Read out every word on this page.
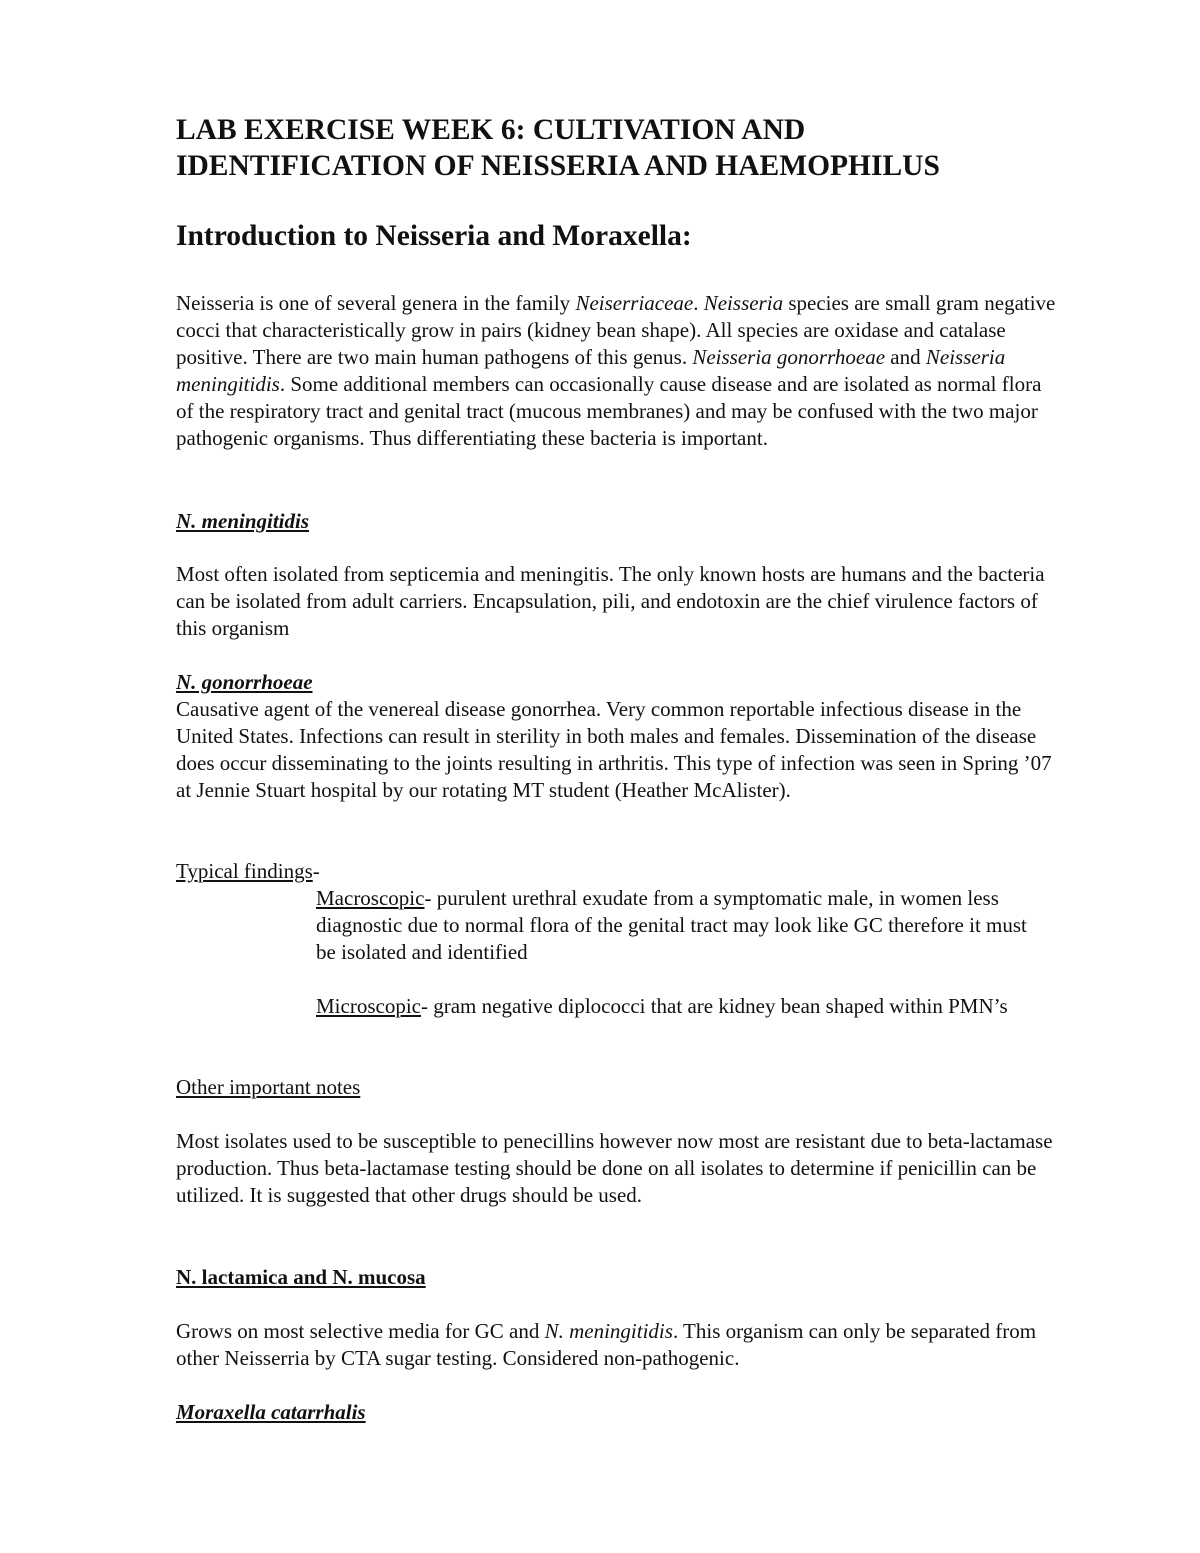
LAB EXERCISE WEEK 6: CULTIVATION AND
IDENTIFICATION OF NEISSERIA AND HAEMOPHILUS
Introduction to Neisseria and Moraxella:

Neisseria is one of several genera in the family Neiserriaceae. Neisseria species are small gram negative cocci that characteristically grow in pairs (kidney bean shape). All species are oxidase and catalase positive. There are two main human pathogens of this genus. Neisseria gonorrhoeae and Neisseria meningitidis. Some additional members can occasionally cause disease and are isolated as normal flora of the respiratory tract and genital tract (mucous membranes) and may be confused with the two major pathogenic organisms. Thus differentiating these bacteria is important.

N. meningitidis

Most often isolated from septicemia and meningitis. The only known hosts are humans and the bacteria can be isolated from adult carriers. Encapsulation, pili, and endotoxin are the chief virulence factors of this organism

N. gonorrhoeae

Causative agent of the venereal disease gonorrhea. Very common reportable infectious disease in the United States. Infections can result in sterility in both males and females. Dissemination of the disease does occur disseminating to the joints resulting in arthritis. This type of infection was seen in Spring ’07 at Jennie Stuart hospital by our rotating MT student (Heather McAlister).

Typical findings-

Macroscopic- purulent urethral exudate from a symptomatic male, in women less diagnostic due to normal flora of the genital tract may look like GC therefore it must be isolated and identified

Microscopic- gram negative diplococci that are kidney bean shaped within PMN’s

Other important notes

Most isolates used to be susceptible to penecillins however now most are resistant due to beta-lactamase production. Thus beta-lactamase testing should be done on all isolates to determine if penicillin can be utilized. It is suggested that other drugs should be used.

N. lactamica and N. mucosa

Grows on most selective media for GC and N. meningitidis. This organism can only be separated from other Neisserria by CTA sugar testing. Considered non-pathogenic.

Moraxella catarrhalis
